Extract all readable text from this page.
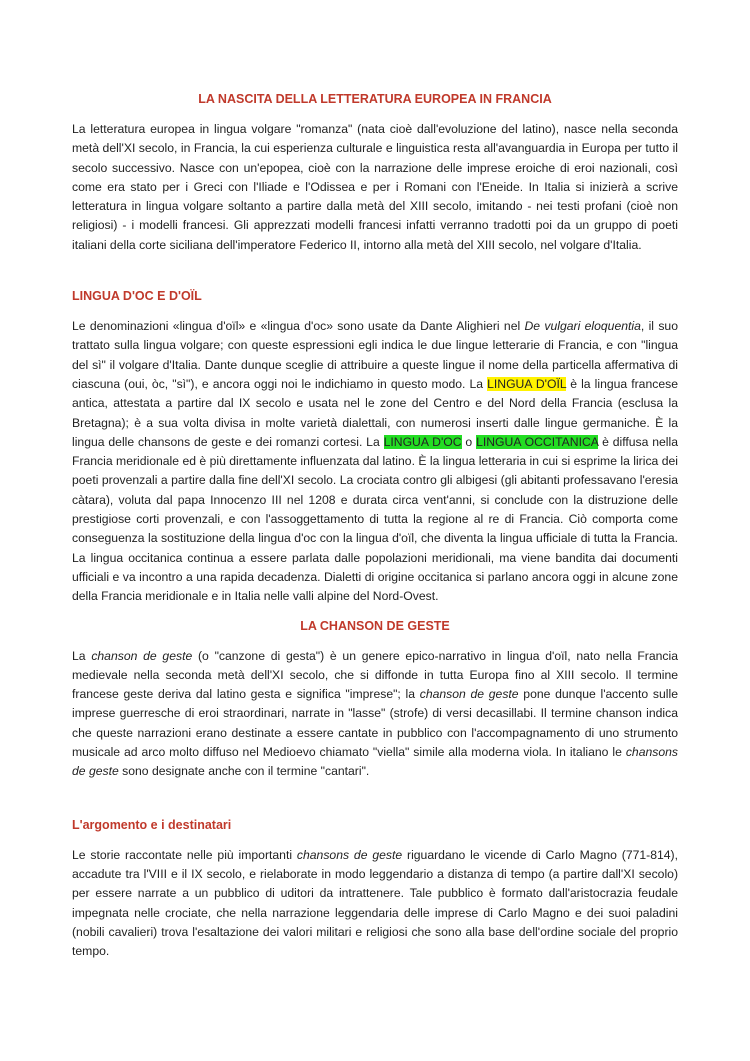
LA NASCITA DELLA LETTERATURA EUROPEA IN FRANCIA

La letteratura europea in lingua volgare "romanza" (nata cioè dall'evoluzione del latino), nasce nella seconda metà dell'XI secolo, in Francia, la cui esperienza culturale e linguistica resta all'avanguardia in Europa per tutto il secolo successivo. Nasce con un'epopea, cioè con la narrazione delle imprese eroiche di eroi nazionali, così come era stato per i Greci con l'Iliade e l'Odissea e per i Romani con l'Eneide. In Italia si inizierà a scrive letteratura in lingua volgare soltanto a partire dalla metà del XIII secolo, imitando - nei testi profani (cioè non religiosi) - i modelli francesi. Gli apprezzati modelli francesi infatti verranno tradotti poi da un gruppo di poeti italiani della corte siciliana dell'imperatore Federico II, intorno alla metà del XIII secolo, nel volgare d'Italia.

LINGUA D'OC E D'OÏL

Le denominazioni «lingua d'oïl» e «lingua d'oc» sono usate da Dante Alighieri nel De vulgari eloquentia, il suo trattato sulla lingua volgare; con queste espressioni egli indica le due lingue letterarie di Francia, e con "lingua del sì" il volgare d'Italia. Dante dunque sceglie di attribuire a queste lingue il nome della particella affermativa di ciascuna (oui, òc, "sì"), e ancora oggi noi le indichiamo in questo modo. La LINGUA D'OÏL è la lingua francese antica, attestata a partire dal IX secolo e usata nel le zone del Centro e del Nord della Francia (esclusa la Bretagna); è a sua volta divisa in molte varietà dialettali, con numerosi inserti dalle lingue germaniche. È la lingua delle chansons de geste e dei romanzi cortesi. La LINGUA D'OC o LINGUA OCCITANICA è diffusa nella Francia meridionale ed è più direttamente influenzata dal latino. È la lingua letteraria in cui si esprime la lirica dei poeti provenzali a partire dalla fine dell'XI secolo. La crociata contro gli albigesi (gli abitanti professavano l'eresia càtara), voluta dal papa Innocenzo III nel 1208 e durata circa vent'anni, si conclude con la distruzione delle prestigiose corti provenzali, e con l'assoggettamento di tutta la regione al re di Francia. Ciò comporta come conseguenza la sostituzione della lingua d'oc con la lingua d'oïl, che diventa la lingua ufficiale di tutta la Francia. La lingua occitanica continua a essere parlata dalle popolazioni meridionali, ma viene bandita dai documenti ufficiali e va incontro a una rapida decadenza. Dialetti di origine occitanica si parlano ancora oggi in alcune zone della Francia meridionale e in Italia nelle valli alpine del Nord-Ovest.

LA CHANSON DE GESTE

La chanson de geste (o "canzone di gesta") è un genere epico-narrativo in lingua d'oïl, nato nella Francia medievale nella seconda metà dell'XI secolo, che si diffonde in tutta Europa fino al XIII secolo. Il termine francese geste deriva dal latino gesta e significa "imprese"; la chanson de geste pone dunque l'accento sulle imprese guerresche di eroi straordinari, narrate in "lasse" (strofe) di versi decasillabi. Il termine chanson indica che queste narrazioni erano destinate a essere cantate in pubblico con l'accompagnamento di uno strumento musicale ad arco molto diffuso nel Medioevo chiamato "viella" simile alla moderna viola. In italiano le chansons de geste sono designate anche con il termine "cantari".

L'argomento e i destinatari

Le storie raccontate nelle più importanti chansons de geste riguardano le vicende di Carlo Magno (771-814), accadute tra l'VIII e il IX secolo, e rielaborate in modo leggendario a distanza di tempo (a partire dall'XI secolo) per essere narrate a un pubblico di uditori da intrattenere. Tale pubblico è formato dall'aristocrazia feudale impegnata nelle crociate, che nella narrazione leggendaria delle imprese di Carlo Magno e dei suoi paladini (nobili cavalieri) trova l'esaltazione dei valori militari e religiosi che sono alla base dell'ordine sociale del proprio tempo.
